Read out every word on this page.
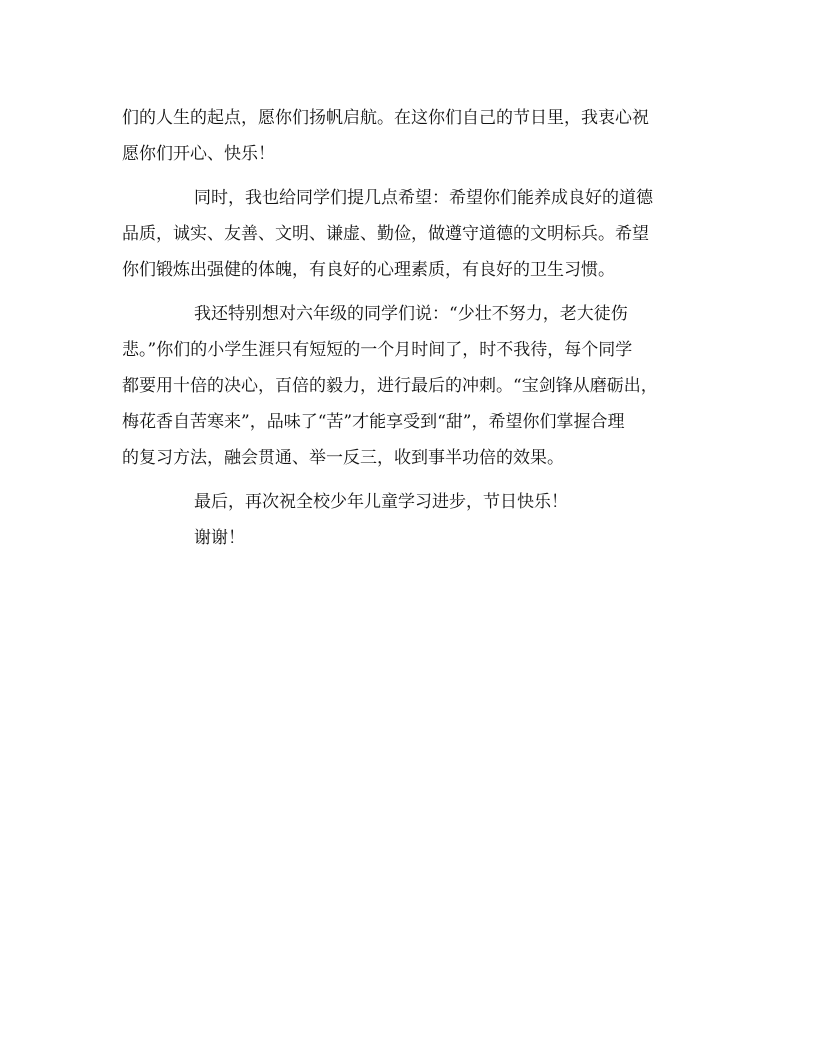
们的人生的起点，愿你们扬帆启航。在这你们自己的节日里，我衷心祝
愿你们开心、快乐！
同时，我也给同学们提几点希望：希望你们能养成良好的道德
品质，诚实、友善、文明、谦虚、勤俭，做遵守道德的文明标兵。希望
你们锻炼出强健的体魄，有良好的心理素质，有良好的卫生习惯。
我还特别想对六年级的同学们说：“少壮不努力，老大徒伤
悲。”你们的小学生涯只有短短的一个月时间了，时不我待，每个同学
都要用十倍的决心，百倍的毅力，进行最后的冲刺。“宝剑锋从磨砺出，
梅花香自苦寒来”，品味了“苦”才能享受到“甜”，希望你们掌握合理
的复习方法，融会贯通、举一反三，收到事半功倍的效果。
最后，再次祝全校少年儿童学习进步，节日快乐！
谢谢！
